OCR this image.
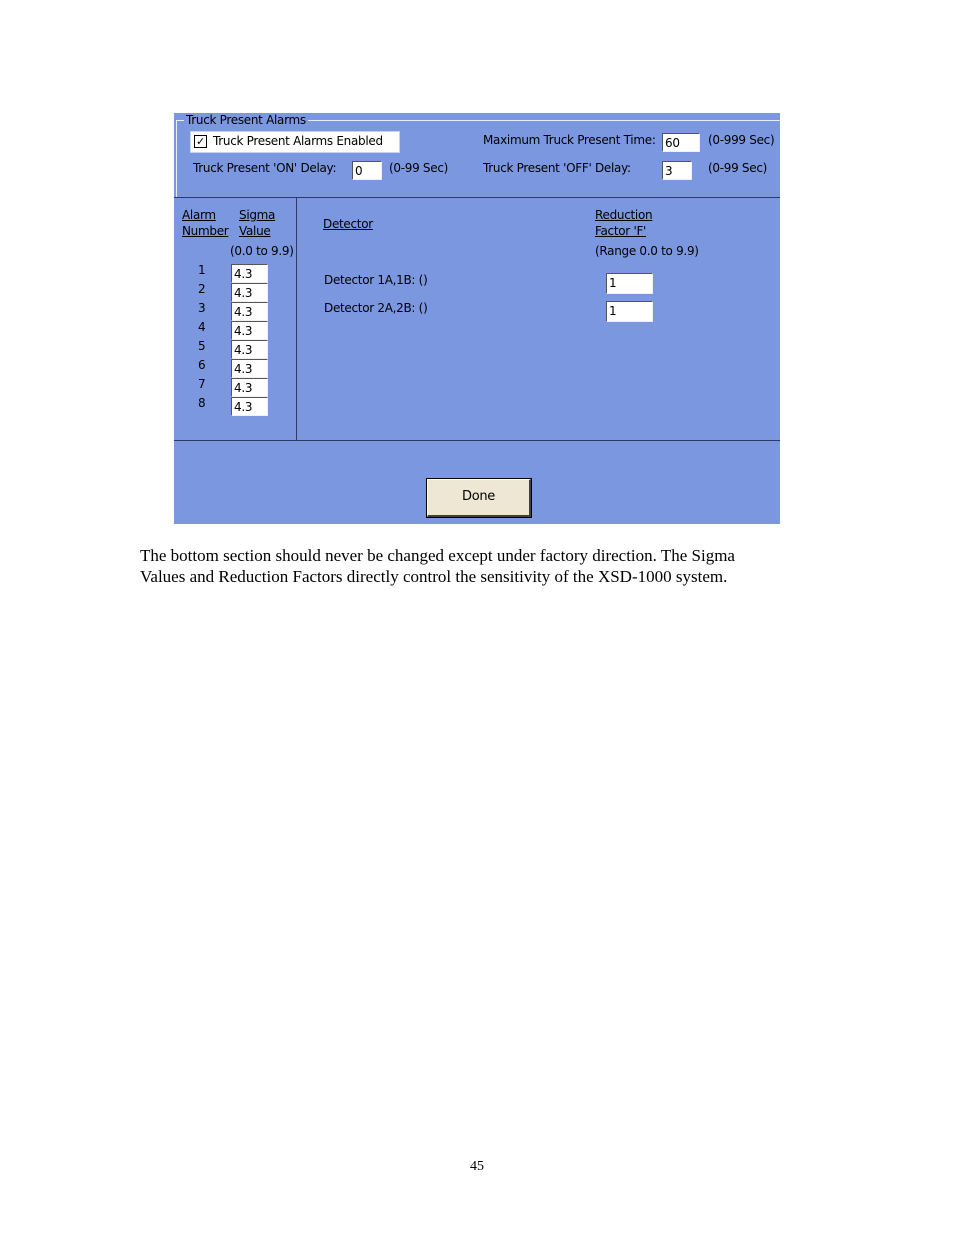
Truck Present Alarms
✓ Truck Present Alarms Enabled	Maximum Truck Present Time: 60	(0-999 Sec)
Truck Present 'ON' Delay: 0	(0-99 Sec)	Truck Present 'OFF' Delay:	3	(0-99 Sec)
Alarm
Number
Sigma
Value
(0.0 to 9.9)
1 4.3
2 4.3
3 4.3
4 4.3
5 4.3
6 4.3
7 4.3
8 4.3
Detector
Reduction
Factor 'F'
(Range 0.0 to 9.9)
Detector 1A,1B: ()	1
Detector 2A,2B: ()	1
Done

The bottom section should never be changed except under factory direction. The Sigma

Values and Reduction Factors directly control the sensitivity of the XSD-1000 system.

45
